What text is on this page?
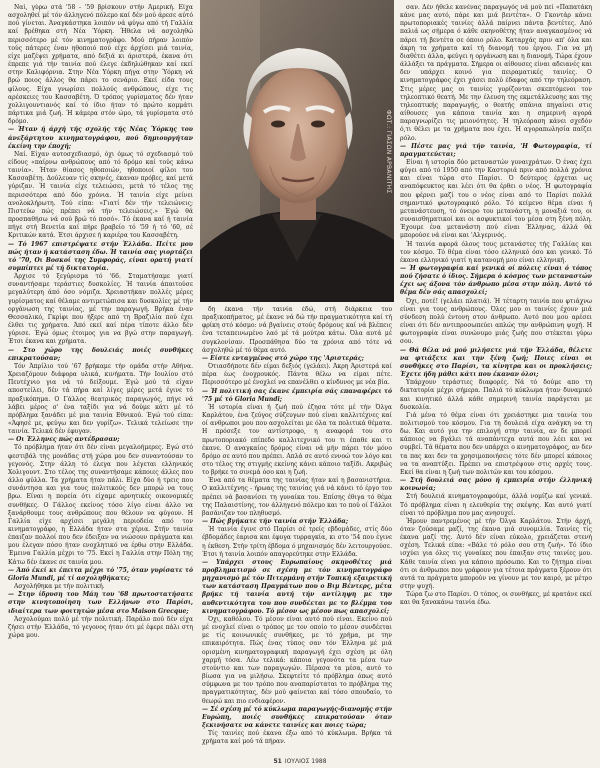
Ναί, γύρω στά '58 - '59 βρίσκουν στήν Άμερική. Είχα ασχοληθεί μέ τόν άλληγενό πόλεμο καί δέν μού άρεσε αύτό πού γίνεται. Άναγκάστηκα λοιπόν νά φύγω από τή Γαλλία καί βρέθηκα στή Νέα Ύόρκη. Ήθελα νά ασχοληθώ περισσότερο μέ τόν κινηματογράφο. Μού πήραν λοιπόν τούς πάτερες έναν ηθοποιό πού είχε άρχίσει μιά ταινία, είχε μαζέψει χρήματα, από δεξιά κι άριστερά, έκανα ότι έπρεπε γιά τήν ταινία πού έλεγε έκδηλώθηκαν καί εκεί στην Καλιφόρνια. Στην Νέα Υόρκη πήγα στην Ύόρκη νά βρώ ποιος άλλος θα πάρει το σενάριο. Εκεί είδα τους φίλους. Είχα γνωρίσει πολλούς ανθρώπους, είχε τις αρέσκειες του Κασσαβέτη. Ό τρόπος γυρίσματος δέν ήταν χολλιγουντιανός καί τό ίδιο ήταν τό πρώτο κομμάτι πάρτικα μιά ζωή. Ή κάμερα στόν ώμο, τά γυρίσματα στό δρόμο.

— Ήταν ή άρχή τής σχολής τής Νέας Ύόρκης του άνεξάρτητου κινηματογράφου, πού δημιουργήταν έκείνη την έποχή;

Ναί. Είχαν αυτοσχεδιασμό, όχι όμως τό σχεδιασμό τού είδους «παίρνω ανθρώπους από τό δρόμο καί τούς κάνω ταινία». Ήταν θίασος ηθοποιών, ηθοποιοί φίλοι του Κασσαβέτη. Δούλευαν τίς σκηνές, έκαναν πρόβες, καί μετά γύριζαν. Ή ταινία είχε τελειώσει, μετά τό τέλος της περισσότερα από δύο χρόνια. Ή ταινία είχε μείνει ανολοκλήρωτη. Τού είπα: «Γιατί δέν τήν τελειώνεις; Πιστεύω πώς πρέπει νά τήν τελειώσεις.» Έγώ θά προσπαθήσω νά σού βρώ τό ποσό». Τό έκανα καί ή ταινία πήγε στή Βενετία καί πήρε βραβείο τό '59 ή τό '60, σέ Κριτικών κατά. Έτσι άρχισε ή καριέρα του Κασσαβέτη.

— Τό 1967 επιστρέψατε στήν Έλλάδα. Πείτε μου πώς ήταν ή κατάσταση έδω. Ή ταινία σας γιορτάζει τό '70, Οι Βοσκοί της Συμφοράς, είναι ορατή γιατί συμπίπτει μέ τή δικτατορία.

Άρχισε τό ξεγύρισμα τό '66. Σταματήσαμε γιατί συναντήσαμε τεράστιες δυσκολίες. Ή ταινία άπαιτούσε μεγαλύτερη άπό όσο νόμιζα. Χρειαστήκαν πολλές μέρες γυρίσματος καί θέλαμε αντιμετώπισα και δυσκολίες μέ τήν οργάνωση της ταινίας, μέ την παραγωγή. Βρήκα έναν Θεσσαλικό, Γκρίφι που ήξερε από τη Βραζιλία πού έχει έλθει τις χρήματα. Άπό εκεί καί πέρα τίποτε άλλο δέν γύρισε. Έγώ όμως έτοιμος για να βγώ στην παραγωγή. Έτσι έκανα και χρήματα.

— Στο χώρο της δουλειάς ποιές συνθήκες επικρατούσαν;

Τόν Άπρίλιο τού '67 βρήκαμε τήν ομάδα στήν Αθήνα. Χρειαζόμουν διάφορα υλικά, κινήματα. Τήν Ιουλίου στό Πευτέχνιο για νά τό δείξουμε. Έγώ μού τά είχαν αποστείλει, δέν τά πήρα καί λίγες μέρες μετά έγινε τό πραξικόπημα. Ο Γάλλος θεατρικός παραγωγός, πήγε νά λάβει μέρος σ' ένα ταξίδι για νά δούμε κάτι μέ τό πρόβλημα ξανάδει μέ μια ταινία Εθνικού. Έγώ τού είπα: «Άφησέ με, φεύγω και δεν γυρίζω». Τελικά τελείωσε την ταινία. Τελικά δέν έφυγαν.

— Οι Έλληνες πώς αντέδρασαν;

Τό πρόβλημα ήταν ότι δέν είναι μεγαλοήμερες. Εγώ στό φεστιβάλ της μονάδας στή χώρα μου δεν συναντούσαν το γεγονός. Στην άλλη τό έλεγα που λέγεται ελληνικός Χολιγουντ. Στο τέλος της συναντήσαμε κάποιες άλλες που άλλο φύλλα. Τα χρήματα ήταν πάλι. Είχα δύο ή τρεις που συνάντησα και για τους πολιτικούς δεν μπορώ να τους βρω. Είναι η πορεία ότι είχαμε αρνητικές οικονομικές συνθήκες. Ο Γάλλος εκείνος τόσο λίγο είναι άλλο να ξανάρθουμε τους ανθρώπους που θέλουν να φύγουν. Η Γαλλία είχε αρχίσει μεγάλη περιοδεία από τον κινηματογράφο, η Ελλάδα ήταν στα χέρια. Στήν ταινία έπαιζαν πολλοί που δεν έδειξαν να νιώσουν πράγματα και μου έλεγαν πόσο ήταν ενοχλητικό να έρθω στην Ελλάδα. Έμεινα Γαλλία μέχρι το '75. Εκεί η Γαλλία στην Πόλη της Κάτω δέν έκανε σε ταινία μου.

— Άπό έκεί κι έπειτα μέχρι τό '75, όταν γυρίσατε τό Gloria Mundi, μέ τί ασχοληθήκατε;

Ασχολήθηκα με τήν πολιτική.

— Στην ίδρυση του Μάη του '68 πρωτοστατήσατε στην κινητοποίηση των Ελλήνων στο Παρίσι, ιδιαίτερα των φοιτητών μέσα στο Maison Grecque;

Άσχολούμαι πολύ μέ τήν πολιτική. Παράλο πού δέν είχα ζήσει στήν Έλλάδα, τό γεγονος ήταν ότι μέ έφερε πάλι στη χώρα μου.

ΦΩΤ.: ΓΙΑΣΩΝ ΑΡΒΑΝΙΤΗΣ

δη έκανα τήν ταινία έδώ, στή διάρκεια του πραξικοπήματος, μέ έκανε νά δώ τήν πραγματικότητα καί τή φρίκη στό κόσμο: νά βγαίνεις στούς δρόμους καί νά βλέπεις ένα τεταπεινωμένο λαό μέ τά μούτρα κάτω. Όλα αυτά μέ συγκλονίσαν. Προσπάθησα δύο τα χρόνια από τότε νά άσχοληθώ μέ τό θέμα αυτό.

— Είστε ενταγμένος στό χώρο της 'Αριστεράς;

Ότιασδήποτε δέν είμαι δεξιός (γελάει). Άκρη Άριστερά καί πέρα έως ένοχρουκός. Πάντα θέλω να είμαι πέτε. Περισσότερο μέ ένοχλεί να επανέλθει ο κίνδυνος με νέα βία.

— Ή πολιτική σας έκανε έμπειρία σάς επαναφέρει τό '75 μέ τό Gloria Mundi;

Ή ιστορία είναι ή ζωή πού έζησα τότε μέ τήν Όλγα Καρλάτου, ένα ζεύγος σύζευγων πού είναι καλλιτέχνες καί οί ανθρωποι μου που ασχολείται με όλα τα πολιτικά θέματα. Η πρόσεξε τον αντίστροφο, η αναφορά του στο πρωτοποριακό επίπεδο καλλιτεχνικό του τι έπαθε και τι έκανε. Ο αναγκαίος δρόμος είναι νά μήν πάρει τόν μόνο δρόμο σε αυτό που πρέπει. Απλά σε αυτό εννοώ τον λόγο και στο τέλος της στιγμής εκείνης κάνει κάποιο ταξίδι. Ακριβώς το βρήκε το σινεμά όσο και η ζωή.

Ένα από τα θέματα της ταινίας ήταν καί η βασανιστήρια. Ο καλλιτέχνης - ήρωας της ταινίας γιά νά κάνει τό έργο του πρέπει νά βασανίσει τη γυναίκα του. Επίσης έθιγα τό θέμα της Παλαιστίνης, τον άλληγενό πόλεμο και το πού οί Γάλλοι βασάνιζαν τον πληθυσμό.

— Πώς βγήκατε τήν ταινία στήν Έλλάδα;

Ή ταινία έγινε στό Παρίσι σέ τρείς εβδομάδες, στίς δύο έβδομάδες έαρισα και έφυγα τυρραγκία, κι στο '54 που έγινε η έκθεση. Στήν τρίτη έβδομα ό μηχανισμός δέν λειτουργούσε. Έτσι ή ταινία λοιπόν απαγορεύτηκε στην Ελλάδα.

— Υπάρχει στους Ευρωπαίους σκηνοθέτες μιά προβληματισμό σε σχέση με τόν κινηματογράφο μηχανισμό μέ τόν Πιτερμάνη στήν Τοπική εξαιρετική των κατάσταση Πραγμάτων που ο Βιμ Βέντερς, μέτα βρήκε τή ταινία αυτή τήν αντίληψη με την αυθεντικότητα του που συνδέεται με το βλέμμα του κινηματογράφου. Τό μέσον ως μέσον πως απασχολεί;

Όχι, καθόλου. Τό μέσον είναι αυτό πού είναι. Εκείνο πού μέ ενοχλεί είναι ο τρόπος με τον οποίο το μέσον συνδέεται με τίς κοινωνικές συνθήκες, με τό χρήμα, με την επικαιρότητα. Πώς ένας τύπος σαν τόν Έλληνα μέ μιά ορισμένη κινηματογραφική παραγωγή έχει σχέση με όλη χαρμή τόσα. Λέω τελικά: κάποια γεγονότα τα μέσα των στούντιο και των παραγωγών. Πέρασα τα μέσα, αυτό το βίωσα για να μιλήσω. Σκεφτείτε τό πρόβλημα όπως αυτό σύμφωνα με τον τρόπο που αναπαρίσταται το πρόβλημα της πραγματικότητας, δέν μού φαίνεται καί τόσο σπουδαίο, το θεωρώ και πιο ενδιαφέρον.

— Σέ σχέση μέ τό κύκλωμα παραγωγής-διανομής στήν Ευρώπη, ποιές συνθήκες επικρατούσαν όταν ξεκινήσατε να κάνετε ταινίες και ποιες τώρα;

Τίς ταινίες πού έκανα έξω από τό κύκλωμα. Βρήκα τά χρήματα καί μού τά πήραν.

σαν. Δέν ήθελε κανένας παραγωγός νά μού πεί «Παπατάκη κάνε μας αυτό, πάρε και μιά βεντέτα». Ο Γκοντάρ κάνει πρωτοποριακές ταινίες άλλά παίρνει πάντα βεντέτες. Από παλιά ως σήμερα ό κάθε σκηνοθέτης ήταν αναγκασμένος νά πάρει τή βεντέτα σε όποιο ρόλο. Καταρχάς πριν απ' όλα και άκρη τα χρήματα καί τή διανομή του έργου. Για να μή διαθέτει άλλα, φεύγει η οργάνωση και η διανομή. Τώρα έχουν άλλάξει τα πράγματα. Σήμερα οι αίθουσες είναι αδειανές και δεν υπάρχει κοινό για πειραματικές ταινίες. Ο κινηματογράφος έχει χάσει πολύ έδαφος από την τηλεόραση. Στις μέρες μας οι ταινίες γυρίζονται σκεπτόμενοι τον τηλεοπτικό θεατή. Με την έλευση της εκμετάλλευσης και της τηλεοπτικής παραγωγής, ο θεατής σπάνια πηγαίνει στις αίθουσες για κάποια ταινία και η σημερινή αγορά παραγνωρίζει τις μειονότητες. Ή τηλεόραση κάνει σχεδόν ό,τι θέλει με τα χρήματα που έχει. Ή αγοραπωλησία παίζει ρόλο.

— Πέστε μας γιά τήν ταινία, 'Η Φωτογραφία, τί πραγματεύεται;

Είναι ή ιστορία δύο μεταναστών γυναιχράτων. Ό ένας έχει φύγει από τό 1950 από την Καστοριά πριν από πολλά χρόνια και είναι τώρα στο Παρίσι. Ό δεύτερος έρχεται ως αναπόφευκτος και λέει ότι θα έρθει ο νέος. Ή φωτογραφία που φέρνει μαζί του ο νέος είναι από το Παρίσι πολλά σημαντικό φωτογραφικό ρόλο. Τό κείμενο θέμα είναι ή μετανάστευση, τό όνειρο του μετανάστη, η μοναξιά του, οι συναισθηματικοί και οι ασφυκτικοί του μέσα στη ξένη πόλη. Έχουμε ένα μετανάστη πού είναι Έλληνας, άλλά θά μπορούσε νά είναι και 'Αλγερινός.

Ή ταινία αφορά όλους τους μετανάστες τής Γαλλίας και τον κόσμο. Τό θέμα είναι τόσο ελληνικό όσο και γενικό. Τό έκανα ελληνικό γιατί η κατανομή μου είναι ελληνική.

— Ή φωτογραφία καί γενικά οί πόλεις είναι ό τόπος πού ζήσατε ό ίδιος. Σήμερα ό κόσμος των μεταναστών έχει ως άξονα τόν άνθρωπο μέσα στην πόλη. Αυτό τό θέμα δέν σάς απασχολεί;

Όχι, ποτέ! (γελάει πλατιά). Ή τέταρτη ταινία που φτιάχνω είναι για τους ανθρώπους. Όλες μου οι ταινίες έχουν μιά σύνδεση πολύ έντονη στον άνθρωπο. Αυτό που μου αρέσει είναι ότι δέν αντιπροσωπεύει απλώς την ανθρώπινη ψυχή. Η φωτογραφία είναι συνώνυμο μιάς ζωής που στέκεται γύρω σου.

— Θά θέλα νά μού μιλήσετε γιά τήν Έλλάδα, θέλετε να φτιάξετε και την ξένη ζωή; Ποιες είναι οι συνθήκες στο Παρίσι, τα κίνητρα και οι προκλήσεις; Έχετε ήδη μάθει κάτι που έκαναν όλοι;

Υπάρχουν τεράστιες διαφορές. Νά τό δούμε απο τη δικτατορία μέχρι σήμερα. Παλιά τό κύκλωμα ήταν δυναμικό και κινητικό άλλά κάθε σημερινή ταινία παράγεται με δυσκολία.

Γιά μένα τό θέμα είναι ότι χρειάστηκε μια ταινία του πολιτισμού του κόσμου. Για τη δουλειά είχα ανάγκη να τη δω. Και αυτό για την επιλογή στην ταινία, αν δε μπορεί κάποιος να βγάλει τά αναπάντεχα αυτά που λέει και να συμβεί. Τά θέματα που δεν υπάρχει ο κινηματογράφος, αν δεν τα πας και δεν τα χρησιμοποιήσεις τότε δέν μπορεί κάποιος να τα αναπτύξει. Πρέπει να επιστρέψουν στις αρχές τους. Εκεί θα είναι η ζωή των πολιτών και του κόσμου.

— Στή δουλειά σας μόνο ή εμπειρία στήν έλληνική κοινωνία;

Στή δουλειά κινηματογραφούμε, άλλά νομίζω καί γενικά. Τό πρόβλημα είναι η ελευθερία της σκέψης. Και αυτό γιατί είναι τό πρόβλημα που μας ανησυχεί.

Ήμουν παντρεμένος μέ τήν Όλγα Καρλάτου. Στήν άρχή, όταν ζούσαμε μαζί, της έκανα μιά συνομιλία. Ταινίες τίς έκανα μαζί της. Αυτό δέν είναι εύκολο, χρειάζεται στενή σχέση. Τελικά είπα: «Βάλε τό ρόλο σου στη ζωή». Τό ίδιο ισχύει για όλες τις γυναίκες που έπαιξαν στις ταινίες μου. Κάθε ταινία είναι για κάποιο πρόσωπο. Και το ζήτημα είναι ότι οι άνθρωποι που γράφουν για τέτοια πράγματα ξέρουν ότι αυτά τα πράγματα μπορούν να γίνουν με τον καιρό, με μέτρο στην ψυχή.

Τώρα ζω στο Παρίσι. Ο τόπος, οι συνθήκες, μέ κρατάνε εκεί και θα ξανακάνω ταινία έδω.

51 ΙΟΥΛΙΟΣ 1988
